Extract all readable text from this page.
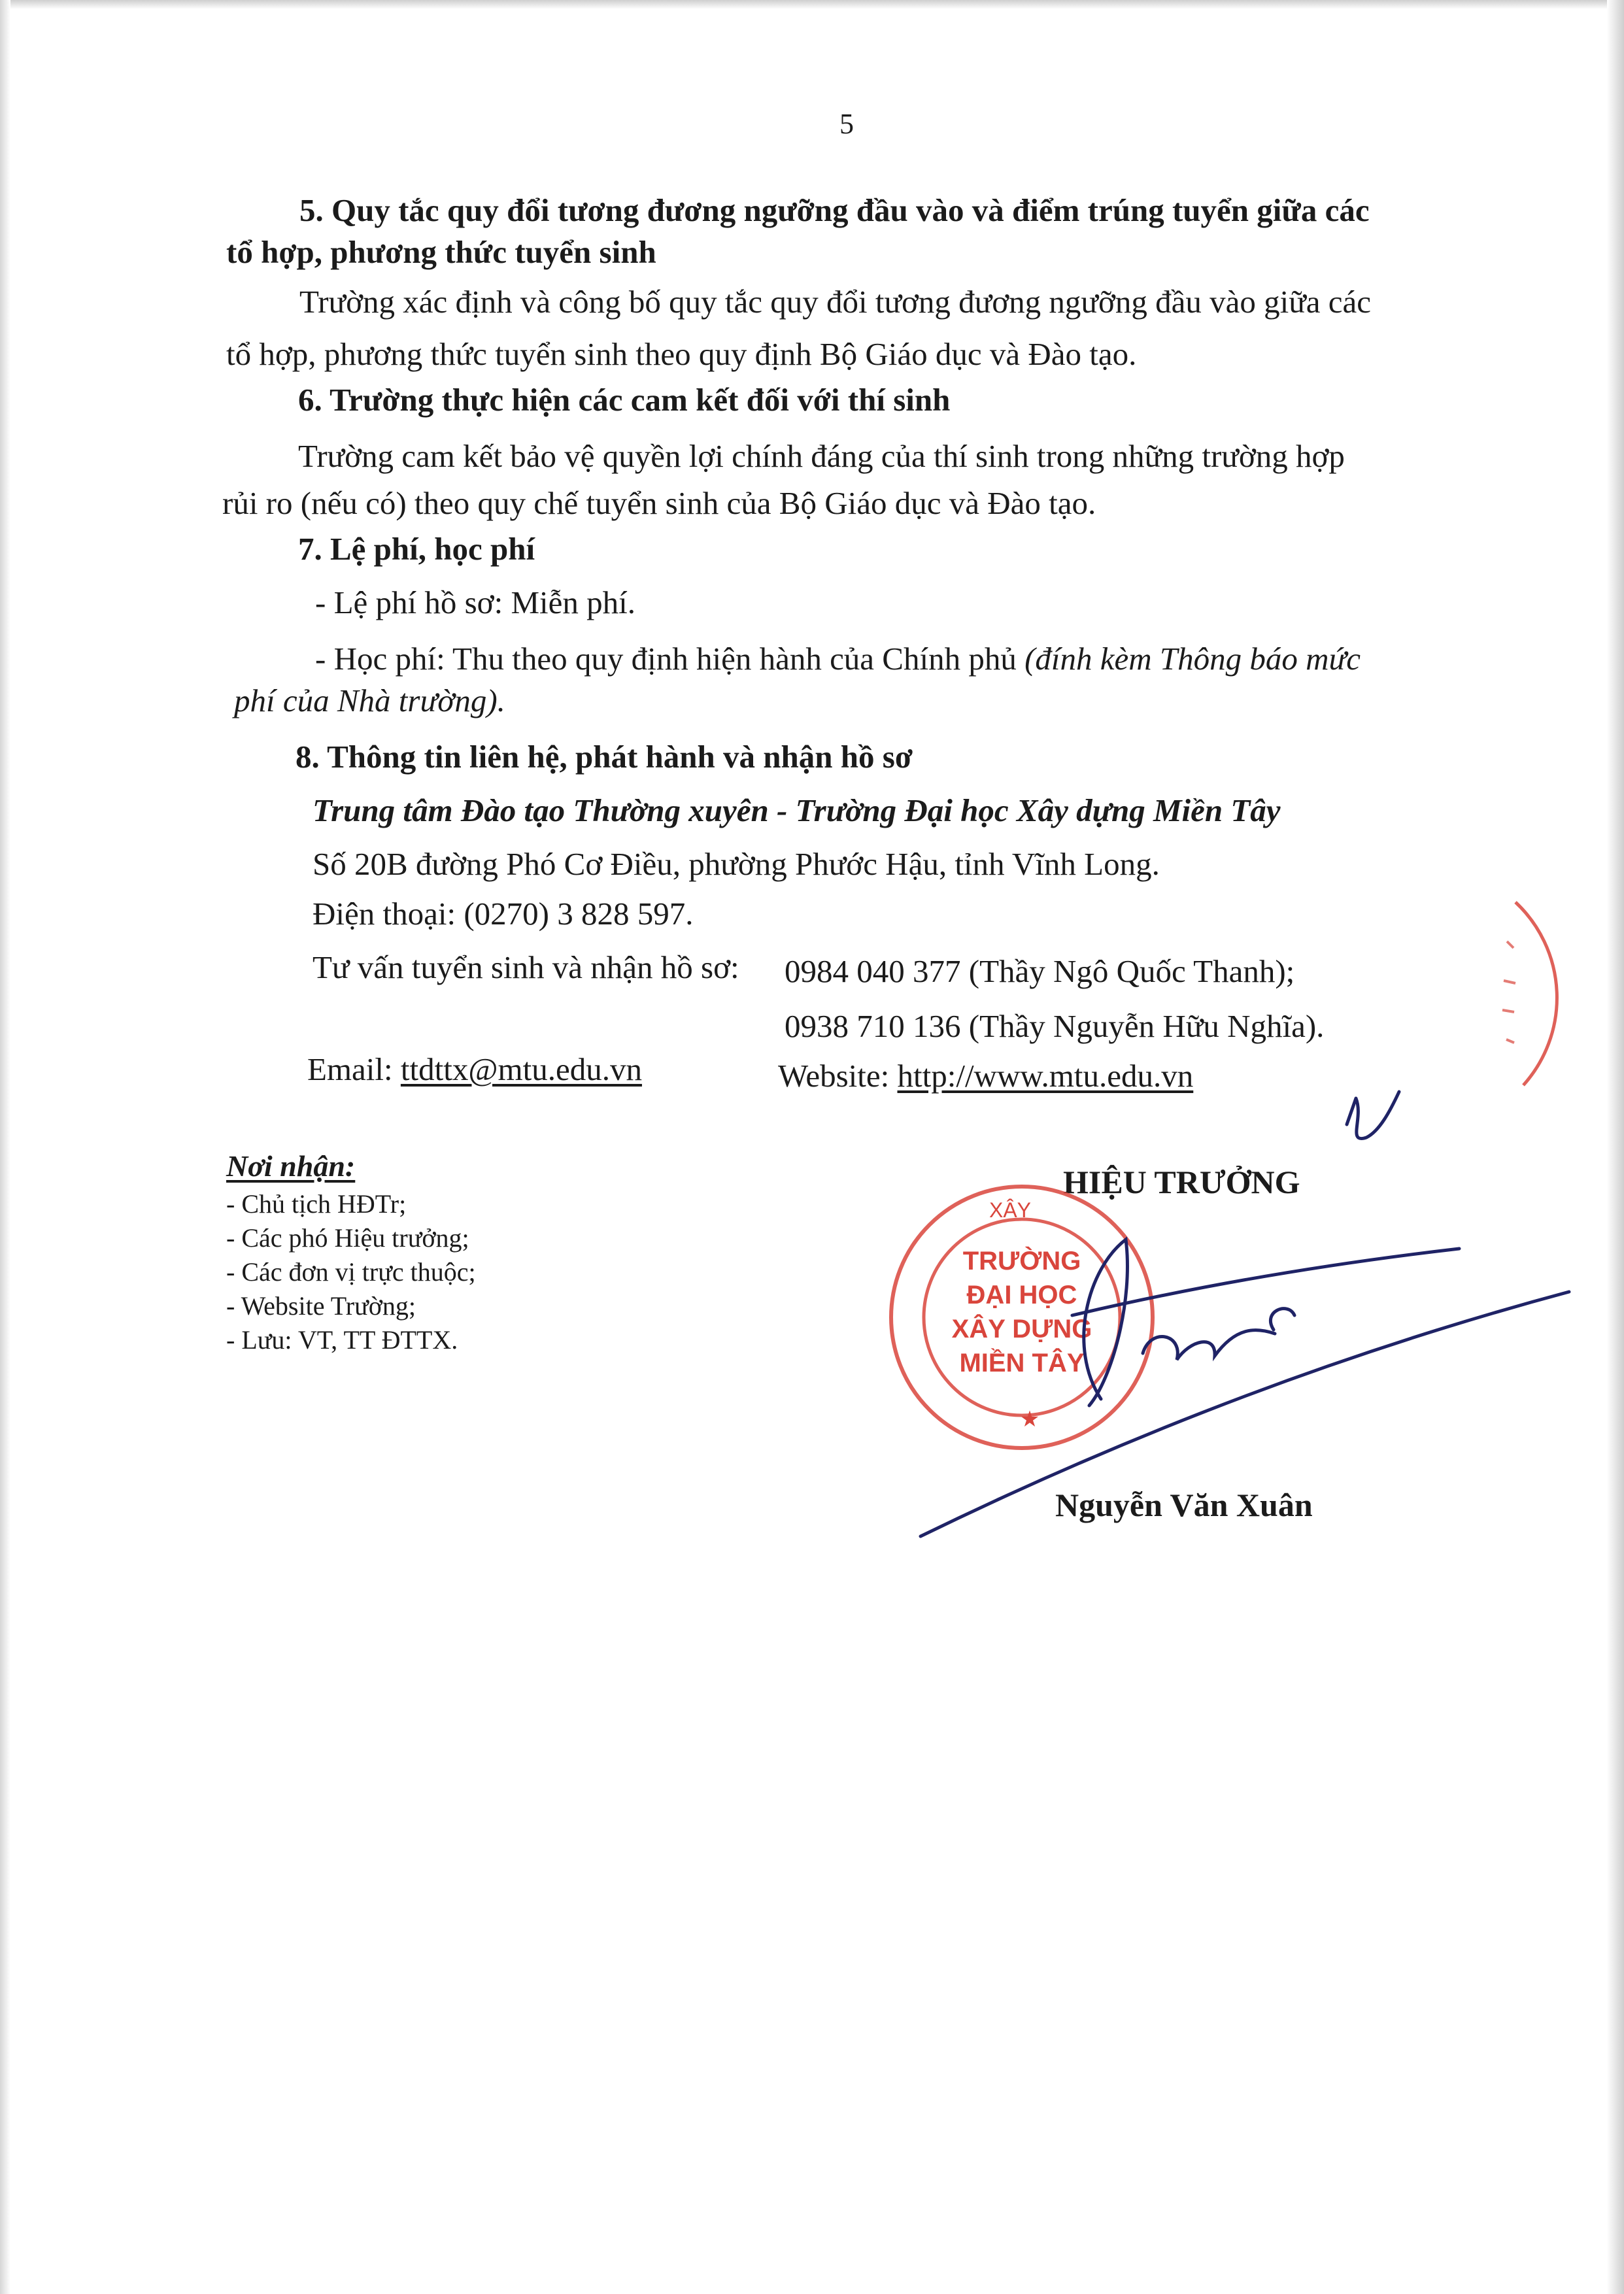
5
5. Quy tắc quy đổi tương đương ngưỡng đầu vào và điểm trúng tuyển giữa các
tổ hợp, phương thức tuyển sinh
Trường xác định và công bố quy tắc quy đổi tương đương ngưỡng đầu vào giữa các
tổ hợp, phương thức tuyển sinh theo quy định Bộ Giáo dục và Đào tạo.
6. Trường thực hiện các cam kết đối với thí sinh
Trường cam kết bảo vệ quyền lợi chính đáng của thí sinh trong những trường hợp
rủi ro (nếu có) theo quy chế tuyển sinh của Bộ Giáo dục và Đào tạo.
7. Lệ phí, học phí
- Lệ phí hồ sơ: Miễn phí.
- Học phí: Thu theo quy định hiện hành của Chính phủ (đính kèm Thông báo mức
phí của Nhà trường).
8. Thông tin liên hệ, phát hành và nhận hồ sơ
Trung tâm Đào tạo Thường xuyên - Trường Đại học Xây dựng Miền Tây
Số 20B đường Phó Cơ Điều, phường Phước Hậu, tỉnh Vĩnh Long.
Điện thoại: (0270) 3 828 597.
Tư vấn tuyển sinh và nhận hồ sơ: 0984 040 377 (Thầy Ngô Quốc Thanh);
0938 710 136 (Thầy Nguyễn Hữu Nghĩa).
Email: ttdttx@mtu.edu.vn	Website: http://www.mtu.edu.vn
Nơi nhận:
- Chủ tịch HĐTr;
- Các phó Hiệu trưởng;
- Các đơn vị trực thuộc;
- Website Trường;
- Lưu: VT, TT ĐTTX.
HIỆU TRƯỞNG
Nguyễn Văn Xuân
XÂY
TRƯỜNG
ĐẠI HỌC
XÂY DỰNG
MIỀN TÂY
★
